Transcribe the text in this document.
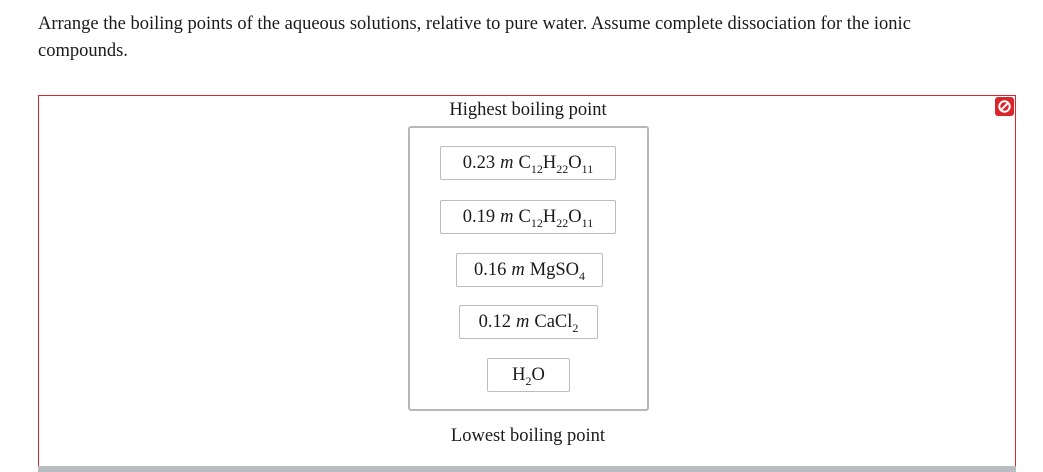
Arrange the boiling points of the aqueous solutions, relative to pure water. Assume complete dissociation for the ionic compounds.
Highest boiling point
0.23 m $C_{12}H_{22}O_{11}$
0.19 m $C_{12}H_{22}O_{11}$
0.16 m MgSO$_4$
0.12 m CaCl$_2$
$H_2O$
Lowest boiling point
